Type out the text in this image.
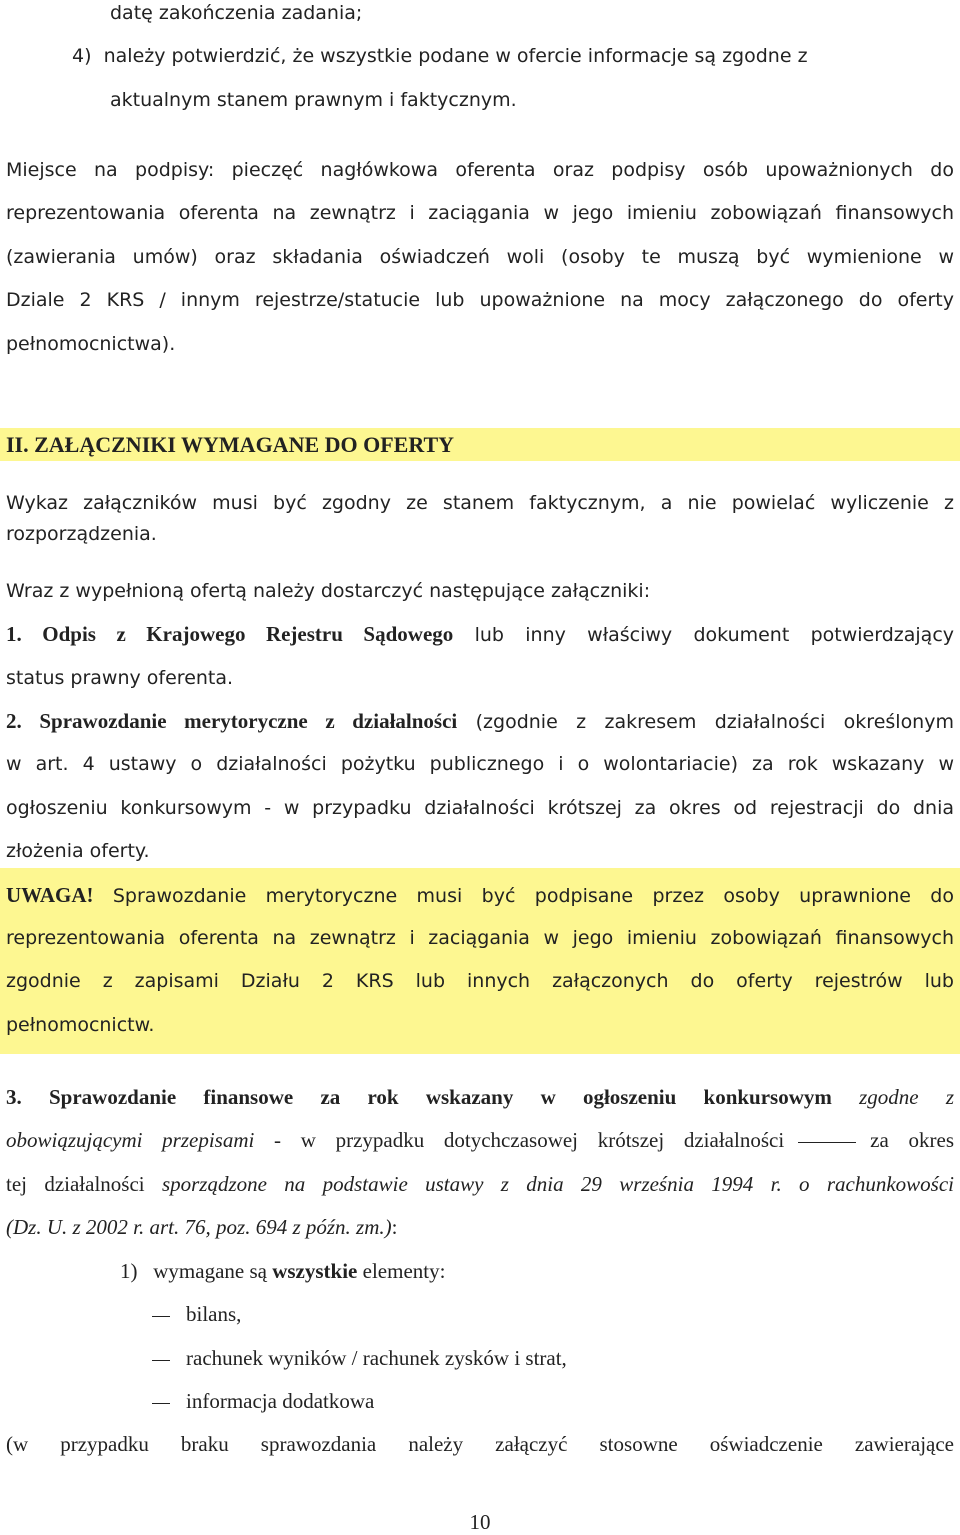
datę zakończenia zadania;
4) należy potwierdzić, że wszystkie podane w ofercie informacje są zgodne z
aktualnym stanem prawnym i faktycznym.
Miejsce na podpisy: pieczęć nagłówkowa oferenta oraz podpisy osób upoważnionych do
reprezentowania oferenta na zewnątrz i zaciągania w jego imieniu zobowiązań finansowych
(zawierania umów) oraz składania oświadczeń woli (osoby te muszą być wymienione w
Dziale 2 KRS / innym rejestrze/statucie lub upoważnione na mocy załączonego do oferty
pełnomocnictwa).
II. ZAŁĄCZNIKI WYMAGANE DO OFERTY
Wykaz załączników musi być zgodny ze stanem faktycznym, a nie powielać wyliczenie z
rozporządzenia.
Wraz z wypełnioną ofertą należy dostarczyć następujące załączniki:
1. Odpis z Krajowego Rejestru Sądowego lub inny właściwy dokument potwierdzający
status prawny oferenta.
2. Sprawozdanie merytoryczne z działalności (zgodnie z zakresem działalności określonym
w art. 4 ustawy o działalności pożytku publicznego i o wolontariacie) za rok wskazany w
ogłoszeniu konkursowym - w przypadku działalności krótszej za okres od rejestracji do dnia
złożenia oferty.
UWAGA! Sprawozdanie merytoryczne musi być podpisane przez osoby uprawnione do
reprezentowania oferenta na zewnątrz i zaciągania w jego imieniu zobowiązań finansowych
zgodnie z zapisami Działu 2 KRS lub innych załączonych do oferty rejestrów lub
pełnomocnictw.
3. Sprawozdanie finansowe za rok wskazany w ogłoszeniu konkursowym zgodne z
obowiązującymi przepisami - w przypadku dotychczasowej krótszej działalności	za okres
tej działalności sporządzone na podstawie ustawy z dnia 29 września 1994 r. o rachunkowości
(Dz. U. z 2002 r. art. 76, poz. 694 z późn. zm.):
1) wymagane są wszystkie elementy:
bilans,
rachunek wyników / rachunek zysków i strat,
informacja dodatkowa
(w przypadku braku sprawozdania należy załączyć stosowne oświadczenie zawierające
10
